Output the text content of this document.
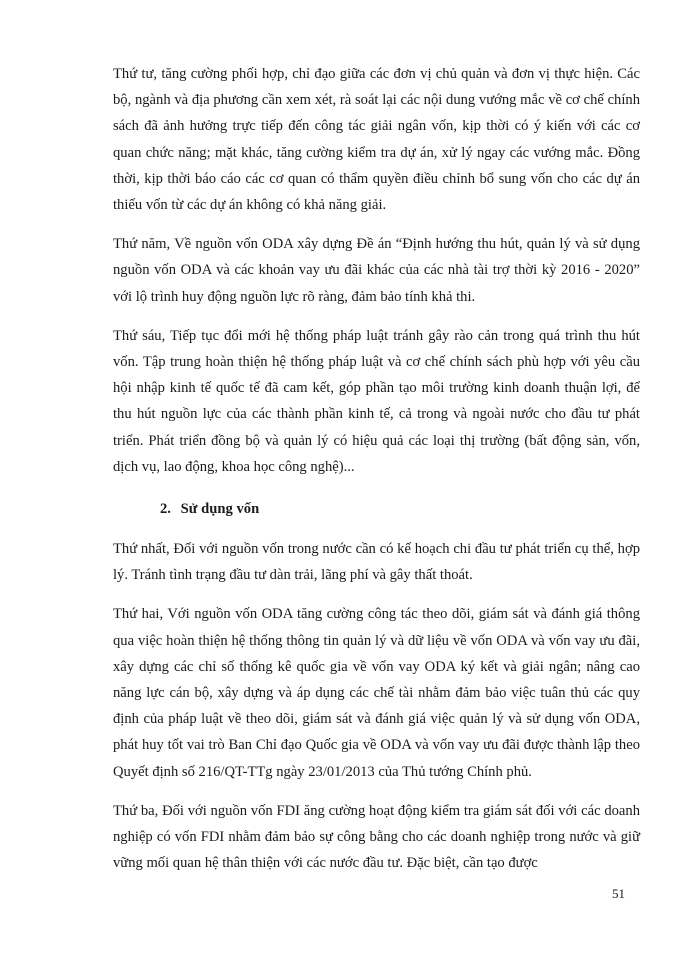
Thứ tư, tăng cường phối hợp, chỉ đạo giữa các đơn vị chủ quản và đơn vị thực hiện. Các bộ, ngành và địa phương cần xem xét, rà soát lại các nội dung vướng mắc về cơ chế chính sách đã ảnh hưởng trực tiếp đến công tác giải ngân vốn, kịp thời có ý kiến với các cơ quan chức năng; mặt khác, tăng cường kiểm tra dự án, xử lý ngay các vướng mắc. Đồng thời, kịp thời báo cáo các cơ quan có thẩm quyền điều chỉnh bổ sung vốn cho các dự án thiếu vốn từ các dự án không có khả năng giải.

Thứ năm, Về nguồn vốn ODA xây dựng Đề án “Định hướng thu hút, quản lý và sử dụng nguồn vốn ODA và các khoản vay ưu đãi khác của các nhà tài trợ thời kỳ 2016 - 2020” với lộ trình huy động nguồn lực rõ ràng, đảm bảo tính khả thi.

Thứ sáu, Tiếp tục đổi mới hệ thống pháp luật tránh gây rào cản trong quá trình thu hút vốn. Tập trung hoàn thiện hệ thống pháp luật và cơ chế chính sách phù hợp với yêu cầu hội nhập kinh tế quốc tế đã cam kết, góp phần tạo môi trường kinh doanh thuận lợi, để thu hút nguồn lực của các thành phần kinh tế, cả trong và ngoài nước cho đầu tư phát triển. Phát triển đồng bộ và quản lý có hiệu quả các loại thị trường (bất động sản, vốn, dịch vụ, lao động, khoa học công nghệ)...

2. Sử dụng vốn

Thứ nhất, Đối với nguồn vốn trong nước cần có kế hoạch chi đầu tư phát triển cụ thể, hợp lý. Tránh tình trạng đầu tư dàn trải, lãng phí và gây thất thoát.

Thứ hai, Với nguồn vốn ODA tăng cường công tác theo dõi, giám sát và đánh giá thông qua việc hoàn thiện hệ thống thông tin quản lý và dữ liệu về vốn ODA và vốn vay ưu đãi, xây dựng các chỉ số thống kê quốc gia về vốn vay ODA ký kết và giải ngân; nâng cao năng lực cán bộ, xây dựng và áp dụng các chế tài nhằm đảm bảo việc tuân thủ các quy định của pháp luật về theo dõi, giám sát và đánh giá việc quản lý và sử dụng vốn ODA, phát huy tốt vai trò Ban Chỉ đạo Quốc gia về ODA và vốn vay ưu đãi được thành lập theo Quyết định số 216/QT-TTg ngày 23/01/2013 của Thủ tướng Chính phủ.

Thứ ba, Đối với nguồn vốn FDI ăng cường hoạt động kiểm tra giám sát đối với các doanh nghiệp có vốn FDI nhằm đảm bảo sự công bằng cho các doanh nghiệp trong nước và giữ vững mối quan hệ thân thiện với các nước đầu tư. Đặc biệt, cần tạo được

51
